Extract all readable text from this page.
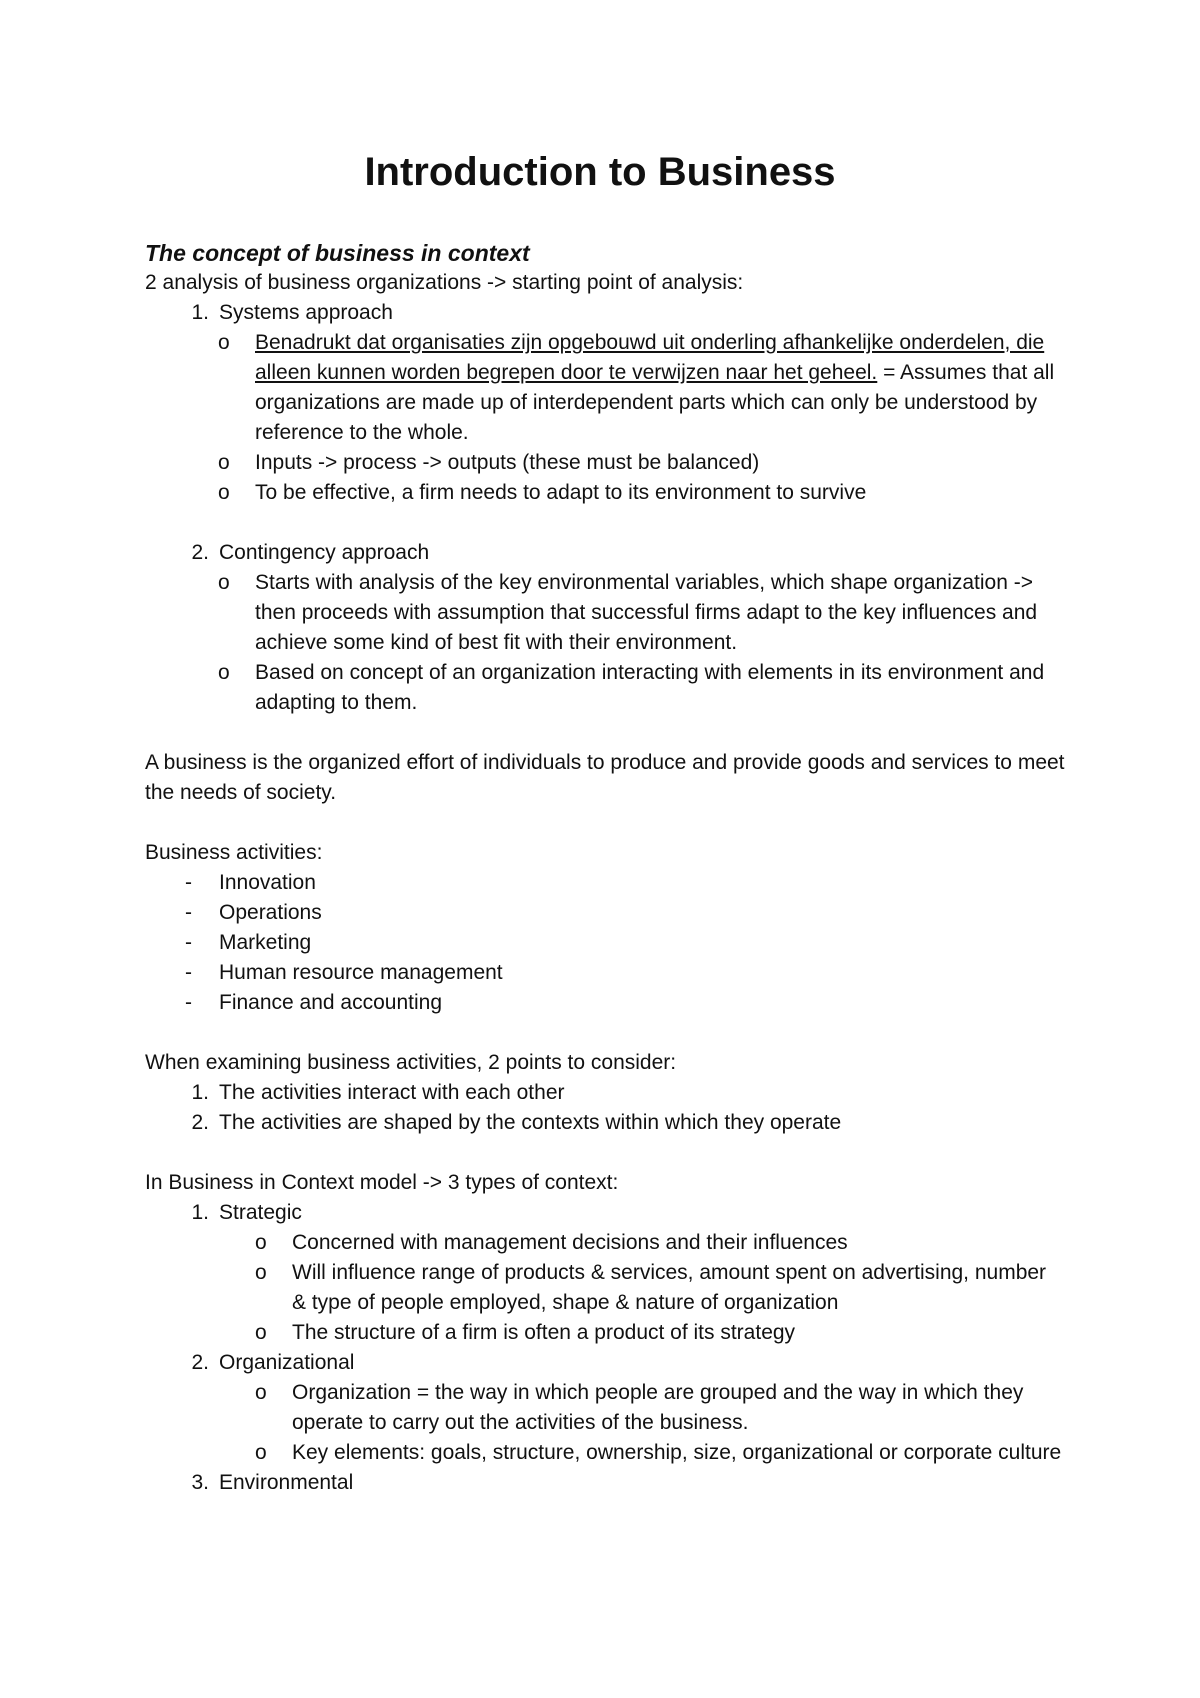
Introduction to Business

The concept of business in context

2 analysis of business organizations -> starting point of analysis:

1. Systems approach
o	Benadrukt dat organisaties zijn opgebouwd uit onderling afhankelijke onderdelen, die alleen kunnen worden begrepen door te verwijzen naar het geheel. = Assumes that all organizations are made up of interdependent parts which can only be understood by reference to the whole.
o	Inputs -> process -> outputs (these must be balanced)
o	To be effective, a firm needs to adapt to its environment to survive
2. Contingency approach
o	Starts with analysis of the key environmental variables, which shape organization -> then proceeds with assumption that successful firms adapt to the key influences and achieve some kind of best fit with their environment.
o	Based on concept of an organization interacting with elements in its environment and adapting to them.

A business is the organized effort of individuals to produce and provide goods and services to meet the needs of society.

Business activities:

- Innovation
- Operations
- Marketing
- Human resource management
- Finance and accounting

When examining business activities, 2 points to consider:

1. The activities interact with each other
2. The activities are shaped by the contexts within which they operate

In Business in Context model -> 3 types of context:

1. Strategic
o	Concerned with management decisions and their influences
o	Will influence range of products & services, amount spent on advertising, number & type of people employed, shape & nature of organization
o	The structure of a firm is often a product of its strategy
2. Organizational
o	Organization = the way in which people are grouped and the way in which they operate to carry out the activities of the business.
o	Key elements: goals, structure, ownership, size, organizational or corporate culture
3. Environmental
